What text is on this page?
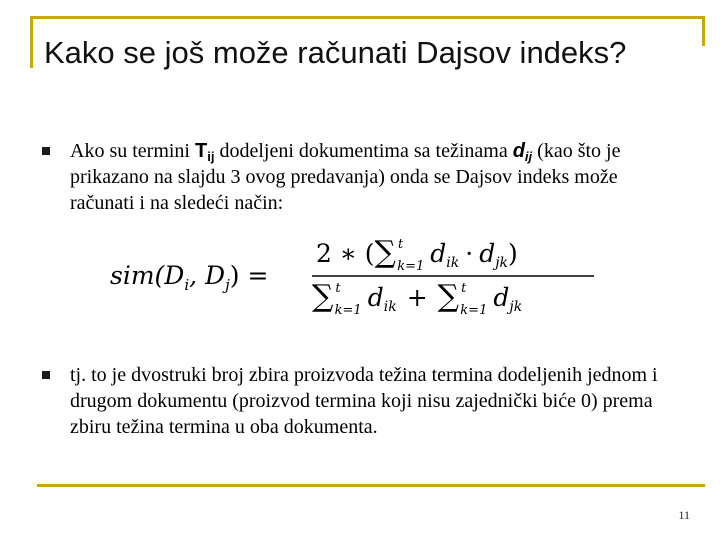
Kako se još može računati Dajsov indeks?
Ako su termini $T_{ij}$ dodeljeni dokumentima sa težinama $d_{ij}$ (kao što je prikazano na slajdu 3 ovog predavanja) onda se Dajsov indeks može računati i na sledeći način:
$sim(D_i$, $D_j$) =
2 ∗ (∑ $^t$ k=1 $d_{ik} \cdot d_{jk}$)
∑ $^t$ k=1 $d_{ik}$ + ∑ $^t$ k=1 $d_{jk}$
tj. to je dvostruki broj zbira proizvoda težina termina dodeljenih jednom i drugom dokumentu (proizvod termina koji nisu zajednički biće 0) prema zbiru težina termina u oba dokumenta.
11
